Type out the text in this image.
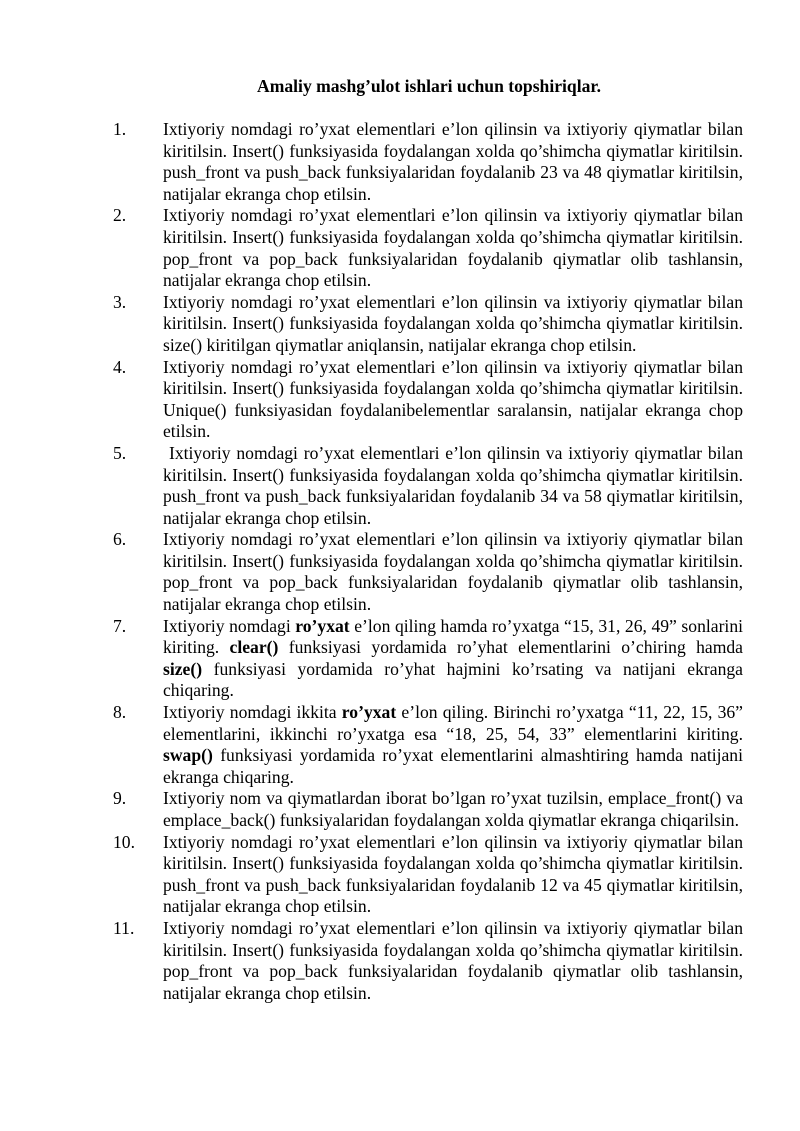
Amaliy mashg’ulot ishlari uchun topshiriqlar.
1. Ixtiyoriy nomdagi ro’yxat elementlari e’lon qilinsin va ixtiyoriy qiymatlar bilan kiritilsin. Insert() funksiyasida foydalangan xolda qo’shimcha qiymatlar kiritilsin. push_front va push_back funksiyalaridan foydalanib 23 va 48 qiymatlar kiritilsin, natijalar ekranga chop etilsin.
2. Ixtiyoriy nomdagi ro’yxat elementlari e’lon qilinsin va ixtiyoriy qiymatlar bilan kiritilsin. Insert() funksiyasida foydalangan xolda qo’shimcha qiymatlar kiritilsin. pop_front va pop_back funksiyalaridan foydalanib qiymatlar olib tashlansin, natijalar ekranga chop etilsin.
3. Ixtiyoriy nomdagi ro’yxat elementlari e’lon qilinsin va ixtiyoriy qiymatlar bilan kiritilsin. Insert() funksiyasida foydalangan xolda qo’shimcha qiymatlar kiritilsin. size() kiritilgan qiymatlar aniqlansin, natijalar ekranga chop etilsin.
4. Ixtiyoriy nomdagi ro’yxat elementlari e’lon qilinsin va ixtiyoriy qiymatlar bilan kiritilsin. Insert() funksiyasida foydalangan xolda qo’shimcha qiymatlar kiritilsin. Unique() funksiyasidan foydalanibelementlar saralansin, natijalar ekranga chop etilsin.
5.	Ixtiyoriy nomdagi ro’yxat elementlari e’lon qilinsin va ixtiyoriy qiymatlar bilan kiritilsin. Insert() funksiyasida foydalangan xolda qo’shimcha qiymatlar kiritilsin. push_front va push_back funksiyalaridan foydalanib 34 va 58 qiymatlar kiritilsin, natijalar ekranga chop etilsin.
6. Ixtiyoriy nomdagi ro’yxat elementlari e’lon qilinsin va ixtiyoriy qiymatlar bilan kiritilsin. Insert() funksiyasida foydalangan xolda qo’shimcha qiymatlar kiritilsin. pop_front va pop_back funksiyalaridan foydalanib qiymatlar olib tashlansin, natijalar ekranga chop etilsin.
7. Ixtiyoriy nomdagi ro’yxat e’lon qiling hamda ro’yxatga “15, 31, 26, 49” sonlarini kiriting. clear() funksiyasi yordamida ro’yhat elementlarini o’chiring hamda size() funksiyasi yordamida ro’yhat hajmini ko’rsating va natijani ekranga chiqaring.
8. Ixtiyoriy nomdagi ikkita ro’yxat e’lon qiling. Birinchi ro’yxatga “11, 22, 15, 36” elementlarini, ikkinchi ro’yxatga esa “18, 25, 54, 33” elementlarini kiriting. swap() funksiyasi yordamida ro’yxat elementlarini almashtiring hamda natijani ekranga chiqaring.
9. Ixtiyoriy nom va qiymatlardan iborat bo’lgan ro’yxat tuzilsin, emplace_front() va emplace_back() funksiyalaridan foydalangan xolda qiymatlar ekranga chiqarilsin.
10. Ixtiyoriy nomdagi ro’yxat elementlari e’lon qilinsin va ixtiyoriy qiymatlar bilan kiritilsin. Insert() funksiyasida foydalangan xolda qo’shimcha qiymatlar kiritilsin. push_front va push_back funksiyalaridan foydalanib 12 va 45 qiymatlar kiritilsin, natijalar ekranga chop etilsin.
11. Ixtiyoriy nomdagi ro’yxat elementlari e’lon qilinsin va ixtiyoriy qiymatlar bilan kiritilsin. Insert() funksiyasida foydalangan xolda qo’shimcha qiymatlar kiritilsin. pop_front va pop_back funksiyalaridan foydalanib qiymatlar olib tashlansin, natijalar ekranga chop etilsin.
